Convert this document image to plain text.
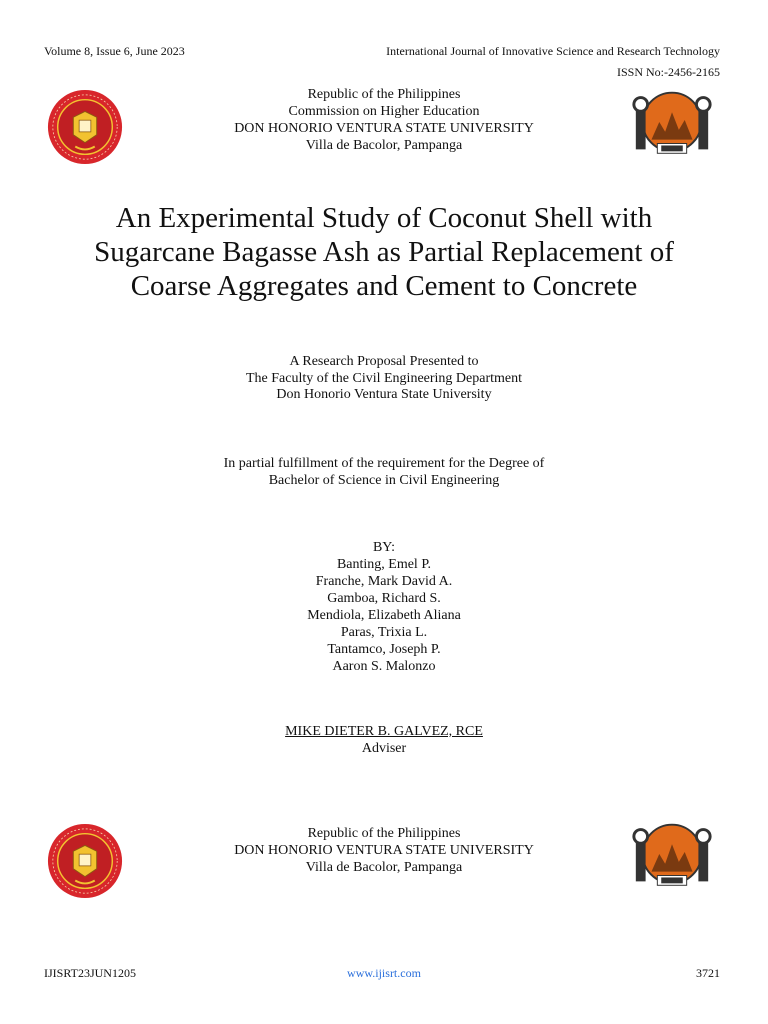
Volume 8, Issue 6, June 2023	International Journal of Innovative Science and Research Technology
ISSN No:-2456-2165
Republic of the Philippines
Commission on Higher Education
DON HONORIO VENTURA STATE UNIVERSITY
Villa de Bacolor, Pampanga
An Experimental Study of Coconut Shell with
Sugarcane Bagasse Ash as Partial Replacement of
Coarse Aggregates and Cement to Concrete
A Research Proposal Presented to
The Faculty of the Civil Engineering Department
Don Honorio Ventura State University
In partial fulfillment of the requirement for the Degree of
Bachelor of Science in Civil Engineering
BY:
Banting, Emel P.
Franche, Mark David A.
Gamboa, Richard S.
Mendiola, Elizabeth Aliana
Paras, Trixia L.
Tantamco, Joseph P.
Aaron S. Malonzo
MIKE DIETER B. GALVEZ, RCE
Adviser
Republic of the Philippines
DON HONORIO VENTURA STATE UNIVERSITY
Villa de Bacolor, Pampanga
IJISRT23JUN1205	www.ijisrt.com	3721
